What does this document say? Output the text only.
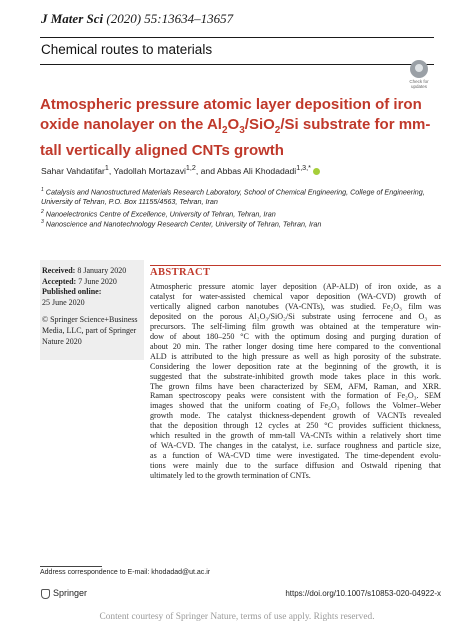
J Mater Sci (2020) 55:13634–13657
Chemical routes to materials
Check for
updates
Atmospheric pressure atomic layer deposition of iron oxide nanolayer on the $Al_2O_3/SiO_2/Si$ substrate for mm-tall vertically aligned CNTs growth
Sahar Vahdatifar$^1$, Yadollah Mortazavi$^{1,2}$, and Abbas Ali Khodadadi$^{1,3,*}$
$^1$ Catalysis and Nanostructured Materials Research Laboratory, School of Chemical Engineering, College of Engineering, University of Tehran, P.O. Box 11155/4563, Tehran, Iran
$^2$ Nanoelectronics Centre of Excellence, University of Tehran, Tehran, Iran
$^3$ Nanoscience and Nanotechnology Research Center, University of Tehran, Tehran, Iran
Received: 8 January 2020
Accepted: 7 June 2020
Published online:
25 June 2020
© Springer Science+Business Media, LLC, part of Springer Nature 2020
ABSTRACT
Atmospheric pressure atomic layer deposition (AP-ALD) of iron oxide, as a
catalyst for water-assisted chemical vapor deposition (WA-CVD) growth of
vertically aligned carbon nanotubes (VA-CNTs), was studied. Fe₂O₃ film was
deposited on the porous Al₂O₃/SiO₂/Si substrate using ferrocene and O₃ as
precursors. The self-liming film growth was obtained at the temperature win-
dow of about 180–250 °C with the optimum dosing and purging duration of
about 20 min. The rather longer dosing time here compared to the conventional
ALD is attributed to the high pressure as well as high porosity of the substrate.
Considering the lower deposition rate at the beginning of the growth, it is
suggested that the substrate-inhibited growth mode takes place in this work.
The grown films have been characterized by SEM, AFM, Raman, and XRR.
Raman spectroscopy peaks were consistent with the formation of Fe₂O₃. SEM
images showed that the uniform coating of Fe₂O₃ follows the Volmer–Weber
growth mode. The catalyst thickness-dependent growth of VACNTs revealed
that the deposition through 12 cycles at 250 °C provides sufficient thickness,
which resulted in the growth of mm-tall VA-CNTs within a relatively short time
of WA-CVD. The changes in the catalyst, i.e. surface roughness and particle size,
as a function of WA-CVD time were investigated. The time-dependent evolu-
tions were mainly due to the surface diffusion and Ostwald ripening that
ultimately led to the growth termination of CNTs.
Address correspondence to E-mail: khodadad@ut.ac.ir
Springer	https://doi.org/10.1007/s10853-020-04922-x
Content courtesy of Springer Nature, terms of use apply. Rights reserved.
